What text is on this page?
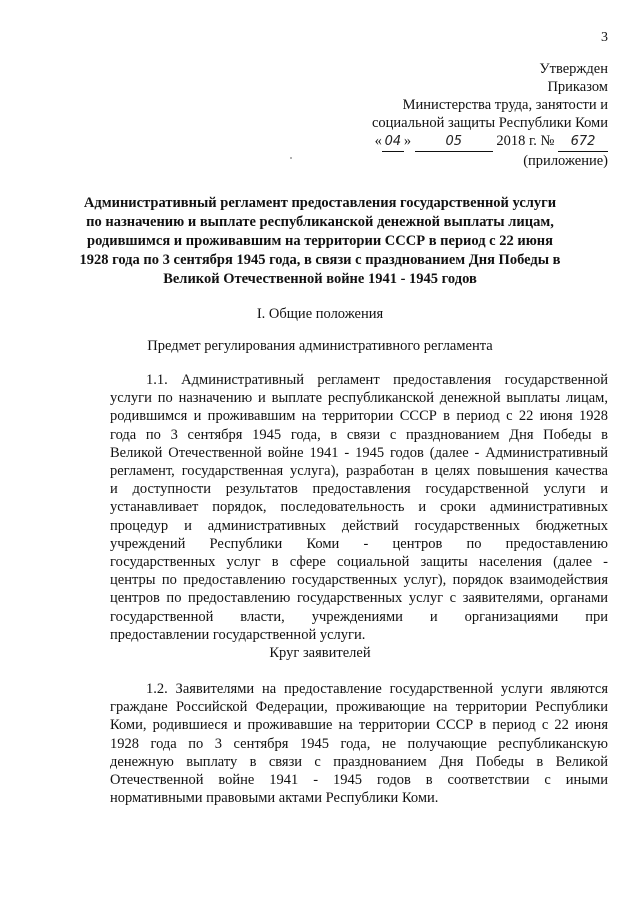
3
Утвержден
Приказом
Министерства труда, занятости и
социальной защиты Республики Коми
« 04 »	05 2018 г. № 672
(приложение)
Административный регламент предоставления государственной услуги
по назначению и выплате республиканской денежной выплаты лицам,
родившимся и проживавшим на территории СССР в период с 22 июня
1928 года по 3 сентября 1945 года, в связи с празднованием Дня Победы в
Великой Отечественной войне 1941 - 1945 годов
I. Общие положения
Предмет регулирования административного регламента
1.1. Административный регламент предоставления государственной
услуги по назначению и выплате республиканской денежной выплаты лицам,
родившимся и проживавшим на территории СССР в период с 22 июня 1928
года по 3 сентября 1945 года, в связи с празднованием Дня Победы в
Великой Отечественной войне 1941 - 1945 годов (далее - Административный
регламент, государственная услуга), разработан в целях повышения качества
и доступности результатов предоставления государственной услуги и
устанавливает порядок, последовательность и сроки административных
процедур и административных действий государственных бюджетных
учреждений Республики Коми - центров по предоставлению
государственных услуг в сфере социальной защиты населения (далее -
центры по предоставлению государственных услуг), порядок взаимодействия
центров по предоставлению государственных услуг с заявителями, органами
государственной власти, учреждениями и организациями при
предоставлении государственной услуги.
Круг заявителей
1.2. Заявителями на предоставление государственной услуги являются
граждане Российской Федерации, проживающие на территории Республики
Коми, родившиеся и проживавшие на территории СССР в период с 22 июня
1928 года по 3 сентября 1945 года, не получающие республиканскую
денежную выплату в связи с празднованием Дня Победы в Великой
Отечественной войне 1941 - 1945 годов в соответствии с иными
нормативными правовыми актами Республики Коми.
